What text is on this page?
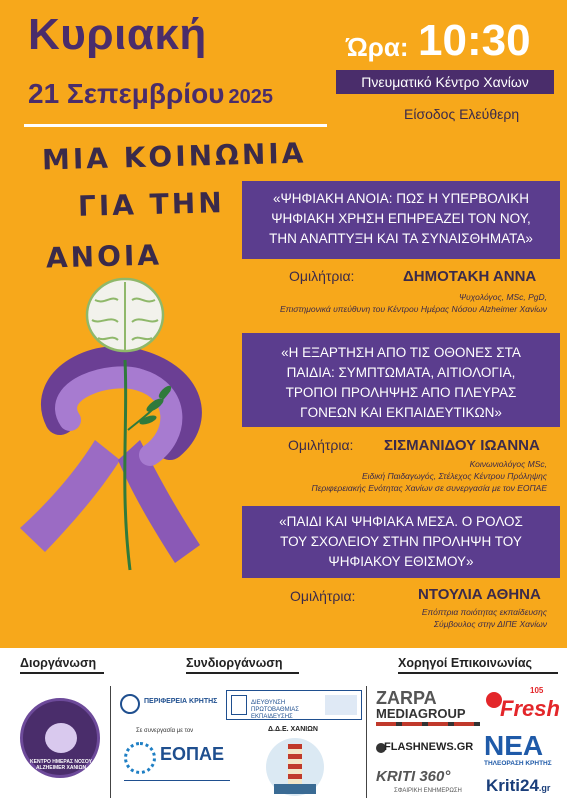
Κυριακή
21 Σεπεμβρίου 2025
Ώρα: 10:30
Πνευματικό Κέντρο Χανίων
Είσοδος Ελεύθερη
ΜΙΑ ΚΟΙΝΩΝΙΑ
ΓΙΑ ΤΗΝ
ΑΝΟΙΑ
«ΨΗΦΙΑΚΗ ΑΝΟΙΑ: ΠΩΣ Η ΥΠΕΡΒΟΛΙΚΗ
ΨΗΦΙΑΚΗ ΧΡΗΣΗ ΕΠΗΡΕΑΖΕΙ ΤΟΝ ΝΟΥ,
ΤΗΝ ΑΝΑΠΤΥΞΗ ΚΑΙ ΤΑ ΣΥΝΑΙΣΘΗΜΑΤΑ»
Ομιλήτρια:	ΔΗΜΟΤΑΚΗ ΑΝΝΑ
Ψυχολόγος, MSc, PgD,
Επιστημονικά υπεύθυνη του Κέντρου Ημέρας Νόσου Alzheimer Χανίων
«Η ΕΞΑΡΤΗΣΗ ΑΠΟ ΤΙΣ ΟΘΟΝΕΣ ΣΤΑ
ΠΑΙΔΙΑ: ΣΥΜΠΤΩΜΑΤΑ, ΑΙΤΙΟΛΟΓΙΑ,
ΤΡΟΠΟΙ ΠΡΟΛΗΨΗΣ ΑΠΟ ΠΛΕΥΡΑΣ
ΓΟΝΕΩΝ ΚΑΙ ΕΚΠΑΙΔΕΥΤΙΚΩΝ»
Ομιλήτρια: ΣΙΣΜΑΝΙΔΟΥ ΙΩΑΝΝΑ
Κοινωνιολόγος MSc,
Ειδική Παιδαγωγός, Στέλεχος Κέντρου Πρόληψης
Περιφερειακής Ενότητας Χανίων σε συνεργασία με τον ΕΟΠΑΕ
«ΠΑΙΔΙ ΚΑΙ ΨΗΦΙΑΚΑ ΜΕΣΑ. Ο ΡΟΛΟΣ
ΤΟΥ ΣΧΟΛΕΙΟΥ ΣΤΗΝ ΠΡΟΛΗΨΗ ΤΟΥ
ΨΗΦΙΑΚΟΥ ΕΘΙΣΜΟΥ»
Ομιλήτρια:	ΝΤΟΥΛΙΑ ΑΘΗΝΑ
Επόπτρια ποιότητας εκπαίδευσης
Σύμβουλος στην ΔΙΠΕ Χανίων
Διοργάνωση	Συνδιοργάνωση	Χορηγοί Επικοινωνίας
ΚΕΝΤΡΟ ΗΜΕΡΑΣ ΝΟΣΟΥ ALZHEIMER ΧΑΝΙΩΝ
ΠΕΡΙΦΕΡΕΙΑ ΚΡΗΤΗΣ	ΔΙΕΥΘΥΝΣΗ ΠΡΩΤΟΒΑΘΜΙΑΣ ΕΚΠΑΙΔΕΥΣΗΣ
Σε συνεργασία με τον
ΕΟΠΑΕ
Δ.Δ.Ε. ΧΑΝΙΩΝ
ZARPA
MEDIAGROUP
105
Fresh
FLASHNEWS.GR ΝΕΑ
ΤΗΛΕΟΡΑΣΗ ΚΡΗΤΗΣ
KRITI 360°
ΣΦΑΙΡΙΚΗ ΕΝΗΜΕΡΩΣΗ Kriti24.gr
